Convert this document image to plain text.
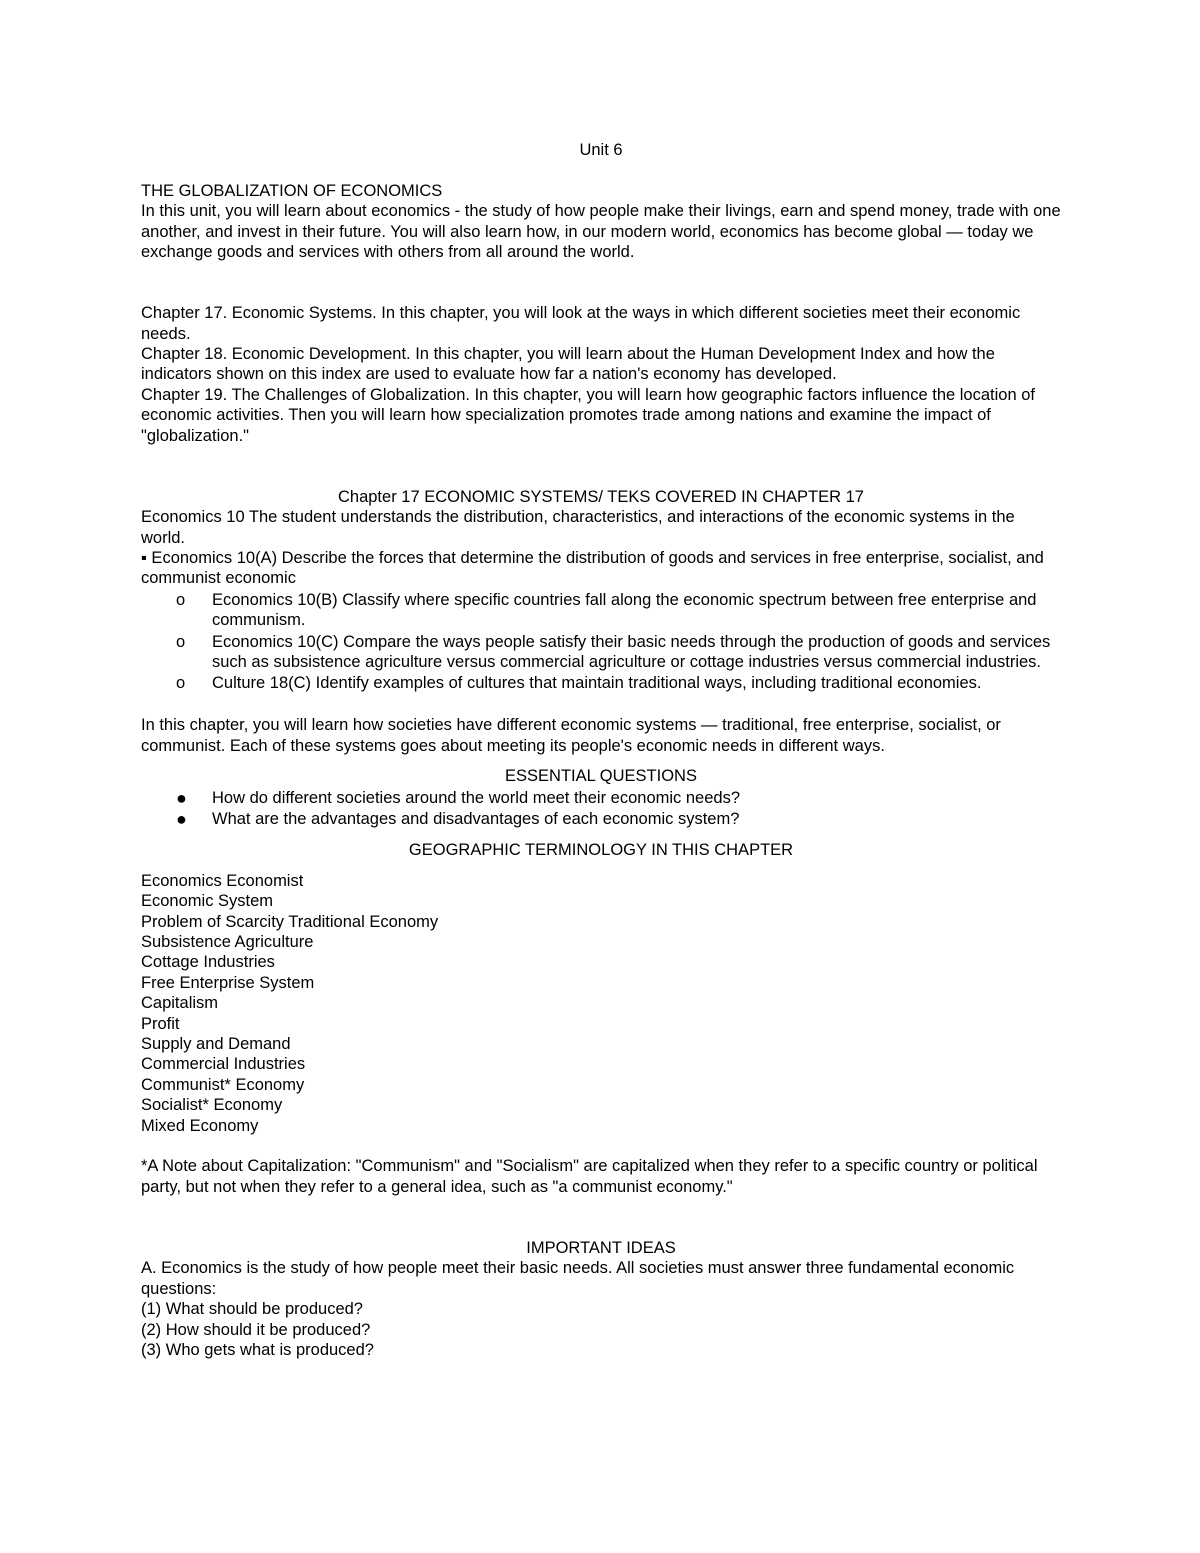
Unit 6
THE GLOBALIZATION OF ECONOMICS
In this unit, you will learn about economics - the study of how people make their livings, earn and spend money, trade with one another, and invest in their future. You will also learn how, in our modern world, economics has become global — today we exchange goods and services with others from all around the world.
Chapter 17. Economic Systems. In this chapter, you will look at the ways in which different societies meet their economic needs.
Chapter 18. Economic Development. In this chapter, you will learn about the Human Development Index and how the indicators shown on this index are used to evaluate how far a nation's economy has developed.
Chapter 19. The Challenges of Globalization. In this chapter, you will learn how geographic factors influence the location of economic activities. Then you will learn how specialization promotes trade among nations and examine the impact of "globalization."
Chapter 17 ECONOMIC SYSTEMS/ TEKS COVERED IN CHAPTER 17
Economics 10 The student understands the distribution, characteristics, and interactions of the economic systems in the world.
▪ Economics 10(A) Describe the forces that determine the distribution of goods and services in free enterprise, socialist, and communist economic
o Economics 10(B) Classify where specific countries fall along the economic spectrum between free enterprise and communism.
o Economics 10(C) Compare the ways people satisfy their basic needs through the production of goods and services such as subsistence agriculture versus commercial agriculture or cottage industries versus commercial industries.
o Culture 18(C) Identify examples of cultures that maintain traditional ways, including traditional economies.
In this chapter, you will learn how societies have different economic systems — traditional, free enterprise, socialist, or communist. Each of these systems goes about meeting its people's economic needs in different ways.
ESSENTIAL QUESTIONS
● How do different societies around the world meet their economic needs?
● What are the advantages and disadvantages of each economic system?
GEOGRAPHIC TERMINOLOGY IN THIS CHAPTER
Economics Economist
Economic System
Problem of Scarcity Traditional Economy
Subsistence Agriculture
Cottage Industries
Free Enterprise System
Capitalism
Profit
Supply and Demand
Commercial Industries
Communist* Economy
Socialist* Economy
Mixed Economy
*A Note about Capitalization: "Communism" and "Socialism" are capitalized when they refer to a specific country or political party, but not when they refer to a general idea, such as "a communist economy."
IMPORTANT IDEAS
A. Economics is the study of how people meet their basic needs. All societies must answer three fundamental economic questions:
(1) What should be produced?
(2) How should it be produced?
(3) Who gets what is produced?
